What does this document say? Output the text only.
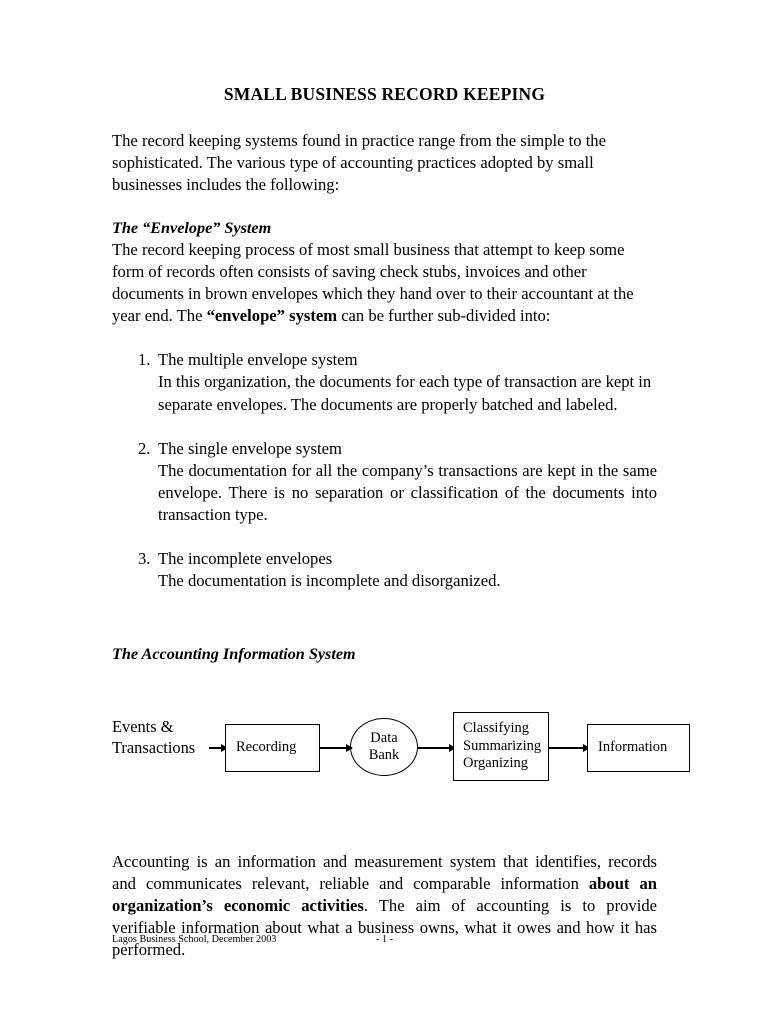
SMALL BUSINESS RECORD KEEPING

The record keeping systems found in practice range from the simple to the sophisticated. The various type of accounting practices adopted by small businesses includes the following:

The “Envelope” System

The record keeping process of most small business that attempt to keep some form of records often consists of saving check stubs, invoices and other documents in brown envelopes which they hand over to their accountant at the year end. The “envelope” system can be further sub-divided into:

1. The multiple envelope system
In this organization, the documents for each type of transaction are kept in separate envelopes. The documents are properly batched and labeled.
2. The single envelope system
The documentation for all the company’s transactions are kept in the same envelope. There is no separation or classification of the documents into transaction type.
3. The incomplete envelopes
The documentation is incomplete and disorganized.
The Accounting Information System
Events &
Transactions	Recording
Data
Bank
Classifying
Summarizing
Organizing
Information

Accounting is an information and measurement system that identifies, records and communicates relevant, reliable and comparable information about an organization’s economic activities. The aim of accounting is to provide verifiable information about what a business owns, what it owes and how it has performed.

Lagos Business School, December 2003	- 1 -
